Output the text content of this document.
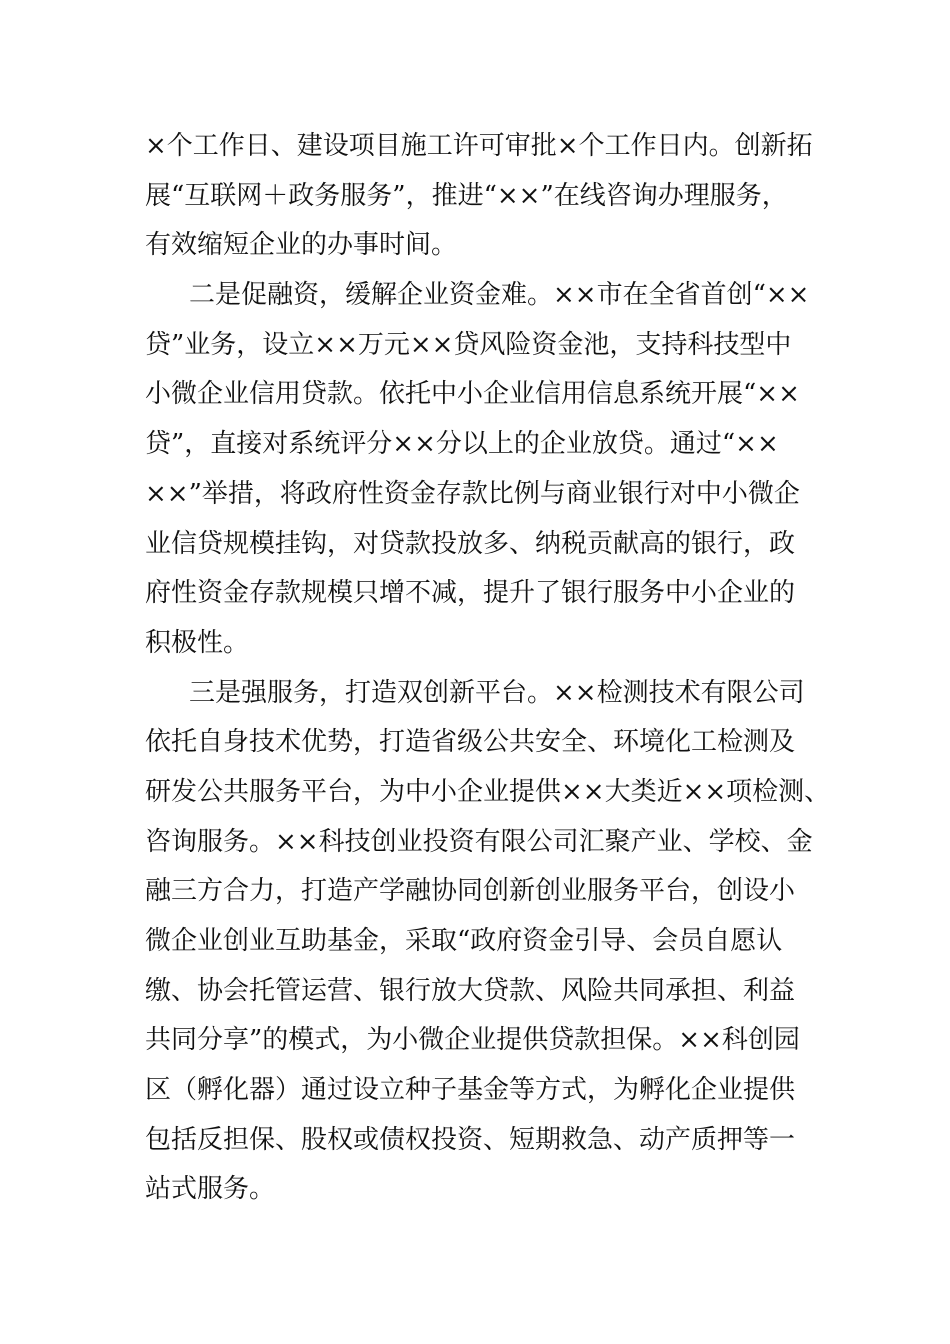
×个工作日、建设项目施工许可审批×个工作日内。创新拓
展“互联网＋政务服务”，推进“××”在线咨询办理服务，
有效缩短企业的办事时间。
二是促融资，缓解企业资金难。××市在全省首创“××
贷”业务，设立××万元××贷风险资金池，支持科技型中
小微企业信用贷款。依托中小企业信用信息系统开展“××
贷”，直接对系统评分××分以上的企业放贷。通过“××
××”举措，将政府性资金存款比例与商业银行对中小微企
业信贷规模挂钩，对贷款投放多、纳税贡献高的银行，政
府性资金存款规模只增不减，提升了银行服务中小企业的
积极性。
三是强服务，打造双创新平台。××检测技术有限公司
依托自身技术优势，打造省级公共安全、环境化工检测及
研发公共服务平台，为中小企业提供××大类近××项检测、
咨询服务。××科技创业投资有限公司汇聚产业、学校、金
融三方合力，打造产学融协同创新创业服务平台，创设小
微企业创业互助基金，采取“政府资金引导、会员自愿认
缴、协会托管运营、银行放大贷款、风险共同承担、利益
共同分享”的模式，为小微企业提供贷款担保。××科创园
区（孵化器）通过设立种子基金等方式，为孵化企业提供
包括反担保、股权或债权投资、短期救急、动产质押等一
站式服务。
